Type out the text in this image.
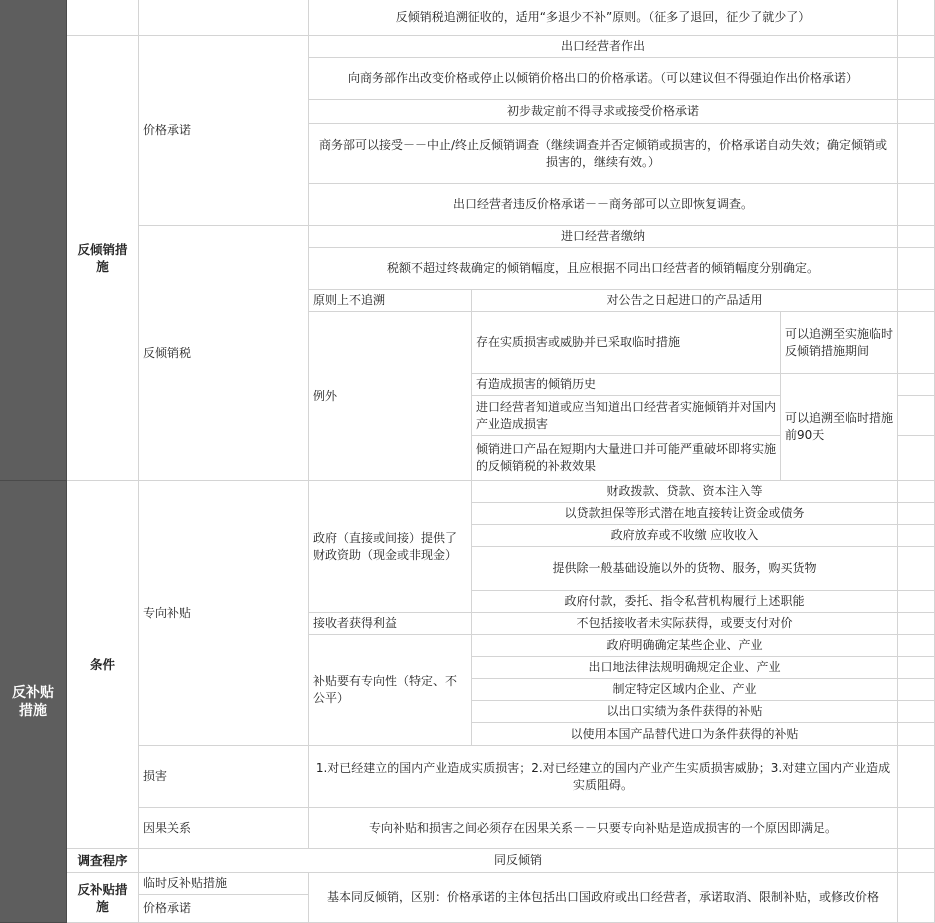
反补贴措施
反倾销措施
条件
调查程序
反补贴措施
价格承诺
反倾销税
专向补贴
损害
因果关系
同反倾销
临时反补贴措施
价格承诺
反倾销税追溯征收的，适用“多退少不补”原则。（征多了退回，征少了就少了）
出口经营者作出
向商务部作出改变价格或停止以倾销价格出口的价格承诺。（可以建议但不得强迫作出价格承诺）
初步裁定前不得寻求或接受价格承诺
商务部可以接受－－中止/终止反倾销调查（继续调查并否定倾销或损害的，价格承诺自动失效；确定倾销或损害的，继续有效。）
出口经营者违反价格承诺－－商务部可以立即恢复调查。
进口经营者缴纳
税额不超过终裁确定的倾销幅度，且应根据不同出口经营者的倾销幅度分别确定。
原则上不追溯	对公告之日起进口的产品适用
例外
存在实质损害或威胁并已采取临时措施
可以追溯至实施临时反倾销措施期间
有造成损害的倾销历史
进口经营者知道或应当知道出口经营者实施倾销并对国内产业造成损害
倾销进口产品在短期内大量进口并可能严重破坏即将实施的反倾销税的补救效果
可以追溯至临时措施前90天
政府（直接或间接）提供了财政资助（现金或非现金）
财政拨款、贷款、资本注入等
以贷款担保等形式潜在地直接转让资金或债务
政府放弃或不收缴 应收收入
提供除一般基础设施以外的货物、服务，购买货物
政府付款，委托、指令私营机构履行上述职能
接收者获得利益	不包括接收者未实际获得，或要支付对价
补贴要有专向性（特定、不公平）
政府明确确定某些企业、产业
出口地法律法规明确规定企业、产业
制定特定区域内企业、产业
以出口实绩为条件获得的补贴
以使用本国产品替代进口为条件获得的补贴
1.对已经建立的国内产业造成实质损害；2.对已经建立的国内产业产生实质损害威胁；3.对建立国内产业造成实质阻碍。
专向补贴和损害之间必须存在因果关系－－只要专向补贴是造成损害的一个原因即满足。
基本同反倾销，区别：价格承诺的主体包括出口国政府或出口经营者，承诺取消、限制补贴，或修改价格
